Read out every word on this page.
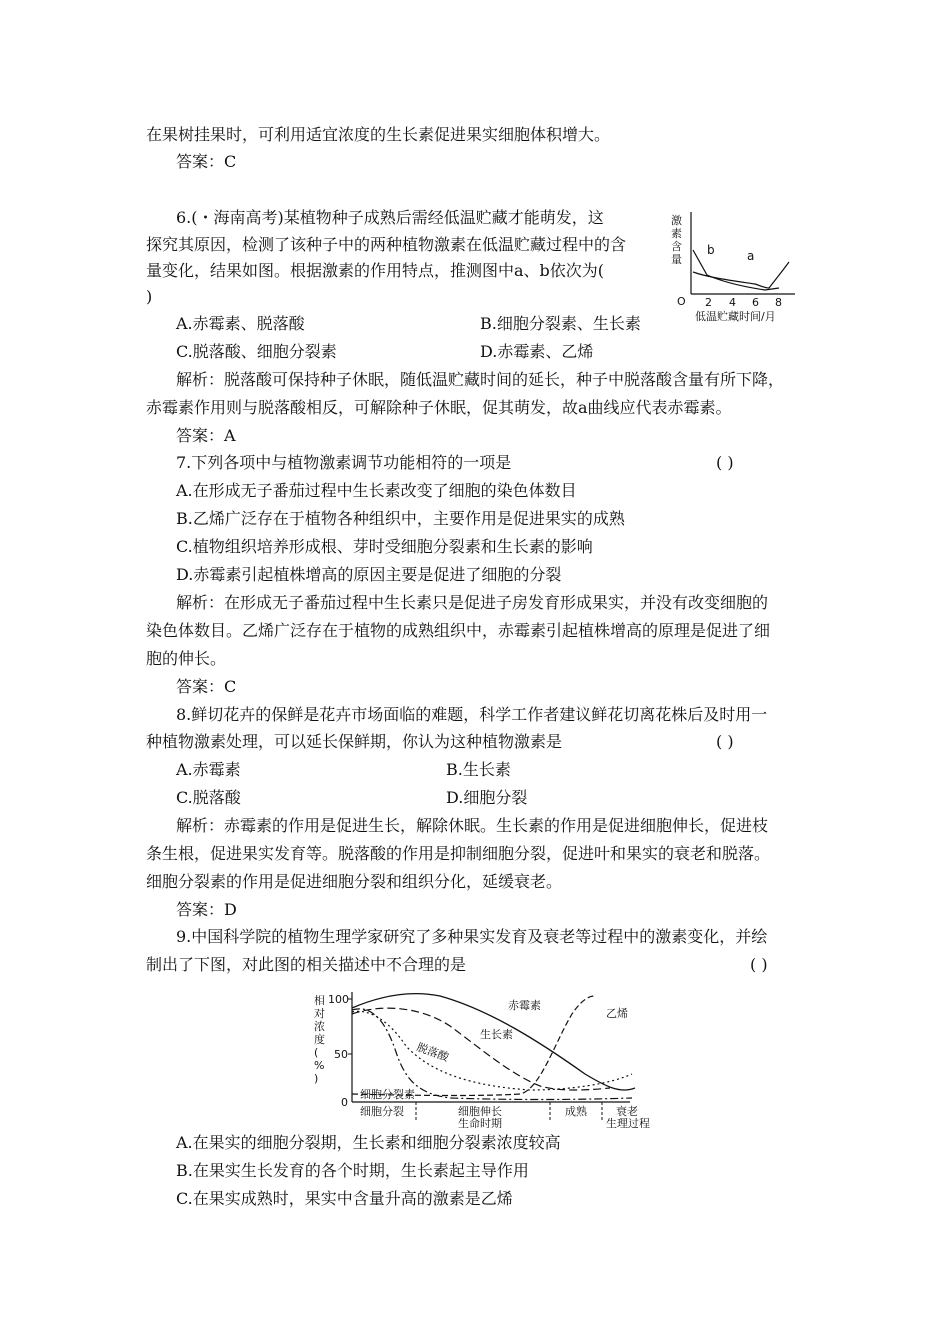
在果树挂果时，可利用适宜浓度的生长素促进果实细胞体积增大。
答案：C
6.(・海南高考)某植物种子成熟后需经低温贮藏才能萌发，这
探究其原因，检测了该种子中的两种植物激素在低温贮藏过程中的含
量变化，结果如图。根据激素的作用特点，推测图中a、b依次为(
)
激素含量
O 2 4 6 8
低温贮藏时间/月
b	a
A.赤霉素、脱落酸	B.细胞分裂素、生长素
C.脱落酸、细胞分裂素	D.赤霉素、乙烯
解析：脱落酸可保持种子休眠，随低温贮藏时间的延长，种子中脱落酸含量有所下降，
赤霉素作用则与脱落酸相反，可解除种子休眠，促其萌发，故a曲线应代表赤霉素。
答案：A
7.下列各项中与植物激素调节功能相符的一项是	( )
A.在形成无子番茄过程中生长素改变了细胞的染色体数目
B.乙烯广泛存在于植物各种组织中，主要作用是促进果实的成熟
C.植物组织培养形成根、芽时受细胞分裂素和生长素的影响
D.赤霉素引起植株增高的原因主要是促进了细胞的分裂
解析：在形成无子番茄过程中生长素只是促进子房发育形成果实，并没有改变细胞的
染色体数目。乙烯广泛存在于植物的成熟组织中，赤霉素引起植株增高的原理是促进了细
胞的伸长。
答案：C
8.鲜切花卉的保鲜是花卉市场面临的难题，科学工作者建议鲜花切离花株后及时用一
种植物激素处理，可以延长保鲜期，你认为这种植物激素是	( )
A.赤霉素	B.生长素
C.脱落酸	D.细胞分裂
解析：赤霉素的作用是促进生长，解除休眠。生长素的作用是促进细胞伸长，促进枝
条生根，促进果实发育等。脱落酸的作用是抑制细胞分裂，促进叶和果实的衰老和脱落。
细胞分裂素的作用是促进细胞分裂和组织分化，延缓衰老。
答案：D
9.中国科学院的植物生理学家研究了多种果实发育及衰老等过程中的激素变化，并绘
制出了下图，对此图的相关描述中不合理的是	( )
相
对
浓
度
(
%
)
100
50
0
赤霉素
乙烯
生长素
脱落酸
细胞分裂素
细胞分裂	细胞伸长	成熟	衰老
生命时期	生理过程
A.在果实的细胞分裂期，生长素和细胞分裂素浓度较高
B.在果实生长发育的各个时期，生长素起主导作用
C.在果实成熟时，果实中含量升高的激素是乙烯
